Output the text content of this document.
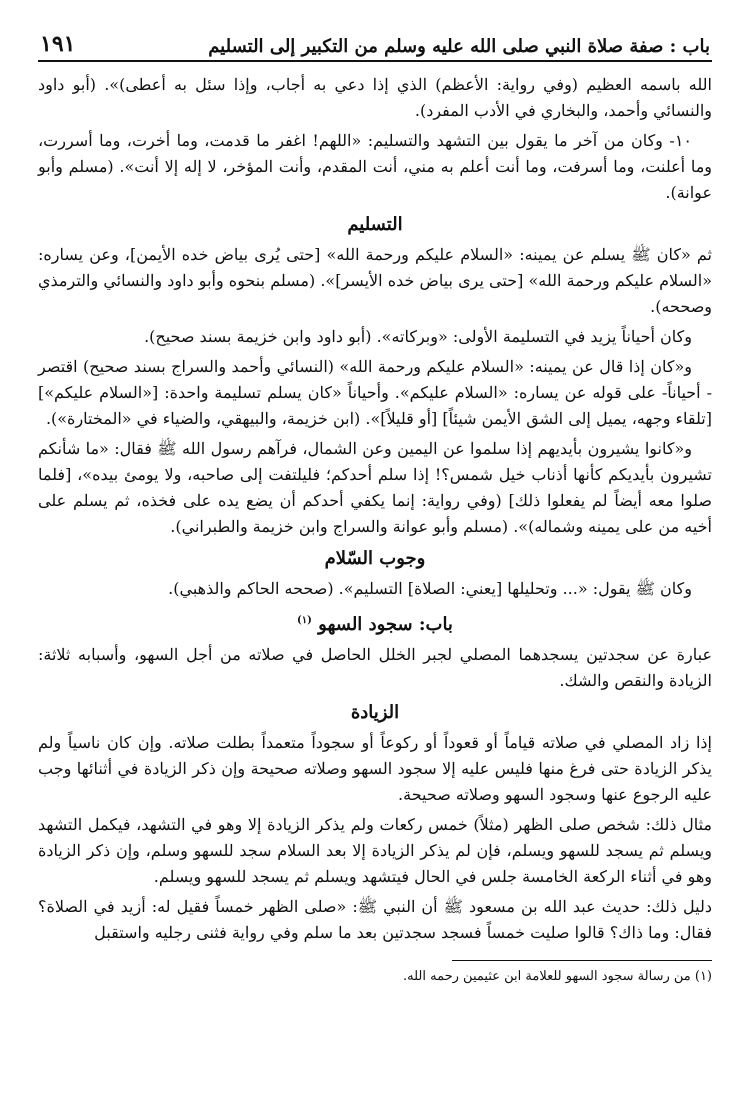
باب : صفة صلاة النبي صلى الله عليه وسلم من التكبير إلى التسليم
١٩١

الله باسمه العظيم (وفي رواية: الأعظم) الذي إذا دعي به أجاب، وإذا سئل به أعطى)». (أبو داود والنسائي وأحمد، والبخاري في الأدب المفرد).

١٠- وكان من آخر ما يقول بين التشهد والتسليم: «اللهم! اغفر ما قدمت، وما أخرت، وما أسررت، وما أعلنت، وما أسرفت، وما أنت أعلم به مني، أنت المقدم، وأنت المؤخر، لا إله إلا أنت». (مسلم وأبو عوانة).

التسليم

ثم «كان ﷺ يسلم عن يمينه: «السلام عليكم ورحمة الله» [حتى يُرى بياض خده الأيمن]، وعن يساره: «السلام عليكم ورحمة الله» [حتى يرى بياض خده الأيسر]». (مسلم بنحوه وأبو داود والنسائي والترمذي وصححه).

وكان أحياناً يزيد في التسليمة الأولى: «وبركاته». (أبو داود وابن خزيمة بسند صحيح).

و«كان إذا قال عن يمينه: «السلام عليكم ورحمة الله» (النسائي وأحمد والسراج بسند صحيح) اقتصر - أحياناً- على قوله عن يساره: «السلام عليكم». وأحياناً «كان يسلم تسليمة واحدة: [«السلام عليكم»] [تلقاء وجهه، يميل إلى الشق الأيمن شيئاً] [أو قليلاً]». (ابن خزيمة، والبيهقي، والضياء في «المختارة»).

و«كانوا يشيرون بأيديهم إذا سلموا عن اليمين وعن الشمال، فرآهم رسول الله ﷺ فقال: «ما شأنكم تشيرون بأيديكم كأنها أذناب خيل شمس؟! إذا سلم أحدكم؛ فليلتفت إلى صاحبه، ولا يومئ بيده»، [فلما صلوا معه أيضاً لم يفعلوا ذلك] (وفي رواية: إنما يكفي أحدكم أن يضع يده على فخذه، ثم يسلم على أخيه من على يمينه وشماله)». (مسلم وأبو عوانة والسراج وابن خزيمة والطبراني).

وجوب السّلام

وكان ﷺ يقول: «... وتحليلها [يعني: الصلاة] التسليم». (صححه الحاكم والذهبي).

باب: سجود السهو $^{(١)}$

عبارة عن سجدتين يسجدهما المصلي لجبر الخلل الحاصل في صلاته من أجل السهو، وأسبابه ثلاثة: الزيادة والنقص والشك.

الزيادة

إذا زاد المصلي في صلاته قياماً أو قعوداً أو ركوعاً أو سجوداً متعمداً بطلت صلاته. وإن كان ناسياً ولم يذكر الزيادة حتى فرغ منها فليس عليه إلا سجود السهو وصلاته صحيحة وإن ذكر الزيادة في أثنائها وجب عليه الرجوع عنها وسجود السهو وصلاته صحيحة.

مثال ذلك: شخص صلى الظهر (مثلاً) خمس ركعات ولم يذكر الزيادة إلا وهو في التشهد، فيكمل التشهد ويسلم ثم يسجد للسهو ويسلم، فإن لم يذكر الزيادة إلا بعد السلام سجد للسهو وسلم، وإن ذكر الزيادة وهو في أثناء الركعة الخامسة جلس في الحال فيتشهد ويسلم ثم يسجد للسهو ويسلم.

دليل ذلك: حديث عبد الله بن مسعود ﷺ أن النبي ﷺ: «صلى الظهر خمساً فقيل له: أزيد في الصلاة؟ فقال: وما ذاك؟ قالوا صليت خمساً فسجد سجدتين بعد ما سلم وفي رواية فثنى رجليه واستقبل

(١) من رسالة سجود السهو للعلامة ابن عثيمين رحمه الله.
